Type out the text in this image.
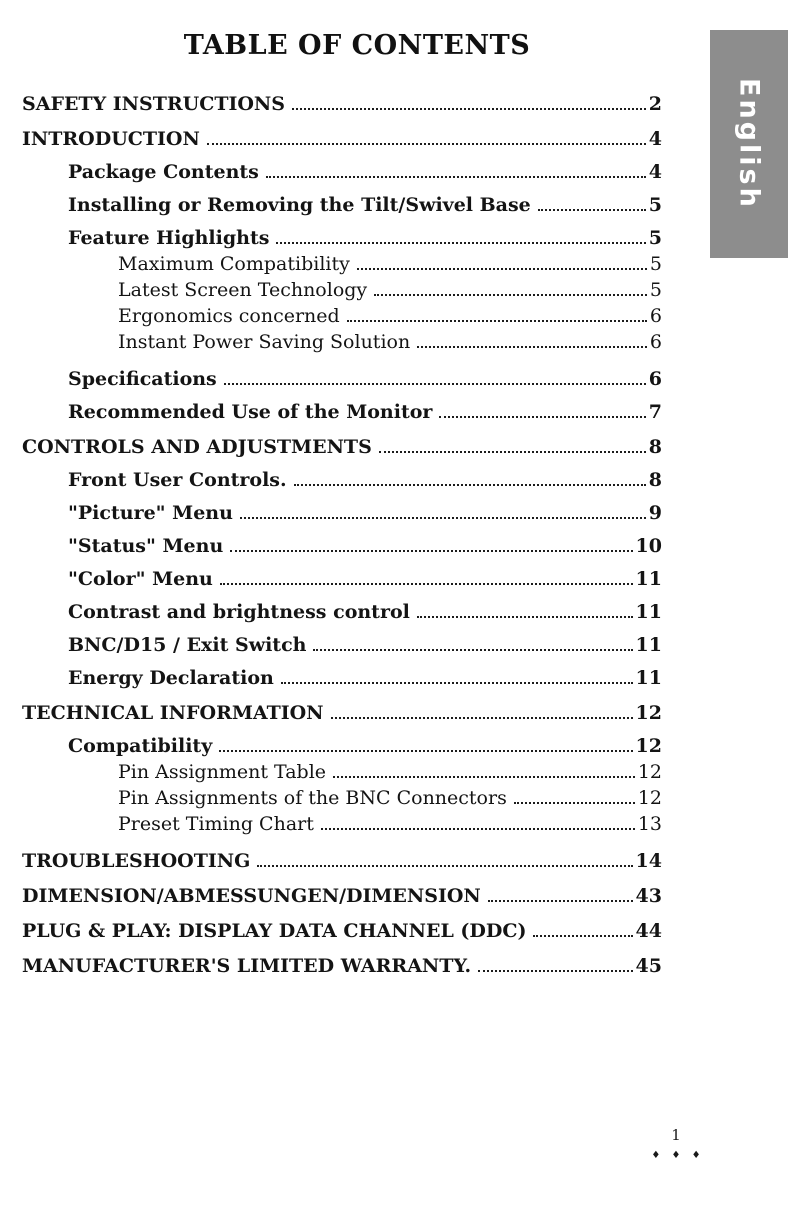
TABLE OF CONTENTS
SAFETY INSTRUCTIONS	2
INTRODUCTION	4
Package Contents	4
Installing or Removing the Tilt/Swivel Base	5
Feature Highlights	5
Maximum Compatibility	5
Latest Screen Technology	5
Ergonomics concerned	6
Instant Power Saving Solution	6
Specifications	6
Recommended Use of the Monitor	7
CONTROLS AND ADJUSTMENTS	8
Front User Controls.	8
"Picture" Menu	9
"Status" Menu	10
"Color" Menu	11
Contrast and brightness control	11
BNC/D15 / Exit Switch	11
Energy Declaration	11
TECHNICAL INFORMATION	12
Compatibility	12
Pin Assignment Table	12
Pin Assignments of the BNC Connectors	12
Preset Timing Chart	13
TROUBLESHOOTING	14
DIMENSION/ABMESSUNGEN/DIMENSION	43
PLUG & PLAY: DISPLAY DATA CHANNEL (DDC)	44
MANUFACTURER'S LIMITED WARRANTY.	45
English
1
♦ ♦ ♦
